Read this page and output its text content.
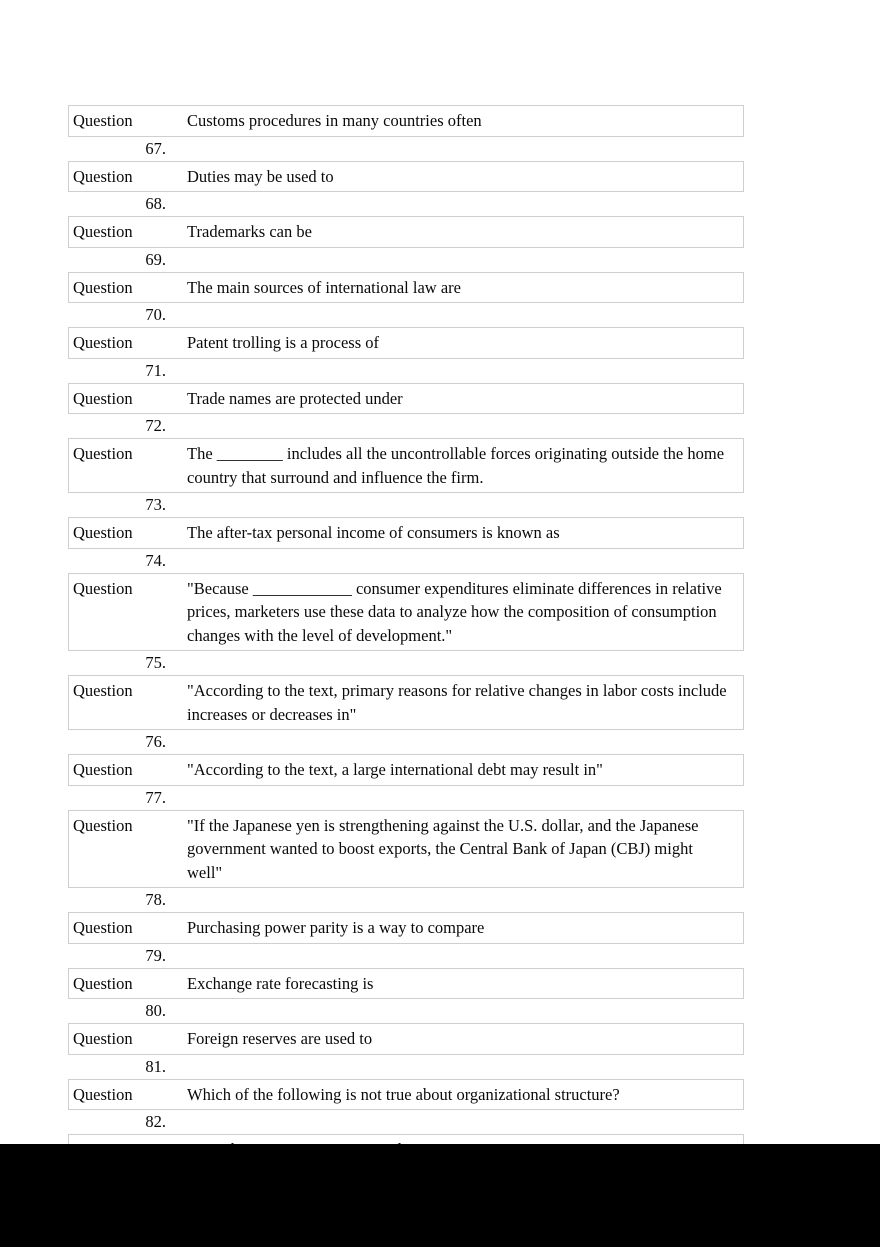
Question	Customs procedures in many countries often
67.
Question	Duties may be used to
68.
Question	Trademarks can be
69.
Question	The main sources of international law are
70.
Question	Patent trolling is a process of
71.
Question	Trade names are protected under
72.
Question	The ________ includes all the uncontrollable forces originating outside the home country that surround and influence the firm.
73.
Question	The after-tax personal income of consumers is known as
74.
Question	"Because ____________ consumer expenditures eliminate differences in relative prices, marketers use these data to analyze how the composition of consumption changes with the level of development."
75.
Question	"According to the text, primary reasons for relative changes in labor costs include increases or decreases in"
76.
Question	"According to the text, a large international debt may result in"
77.
Question	"If the Japanese yen is strengthening against the U.S. dollar, and the Japanese government wanted to boost exports, the Central Bank of Japan (CBJ) might well"
78.
Question	Purchasing power parity is a way to compare
79.
Question	Exchange rate forecasting is
80.
Question	Foreign reserves are used to
81.
Question	Which of the following is not true about organizational structure?
82.
